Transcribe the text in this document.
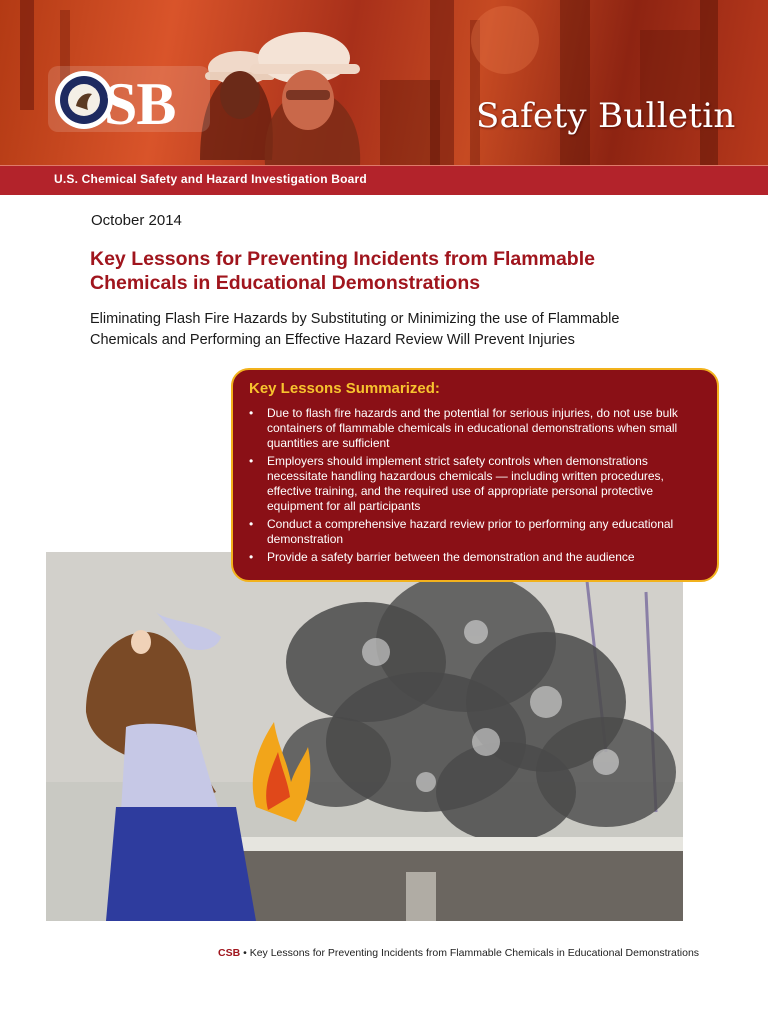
SB	Safety Bulletin
U.S. Chemical Safety and Hazard Investigation Board
October 2014
Key Lessons for Preventing Incidents from Flammable Chemicals in Educational Demonstrations

Eliminating Flash Fire Hazards by Substituting or Minimizing the use of Flammable Chemicals and Performing an Effective Hazard Review Will Prevent Injuries

Key Lessons Summarized:
• Due to flash fire hazards and the potential for serious injuries, do not use bulk containers of flammable chemicals in educational demonstrations when small quantities are sufficient
• Employers should implement strict safety controls when demonstrations necessitate handling hazardous chemicals — including written procedures, effective training, and the required use of appropriate personal protective equipment for all participants
• Conduct a comprehensive hazard review prior to performing any educational demonstration
• Provide a safety barrier between the demonstration and the audience
CSB • Key Lessons for Preventing Incidents from Flammable Chemicals in Educational Demonstrations
